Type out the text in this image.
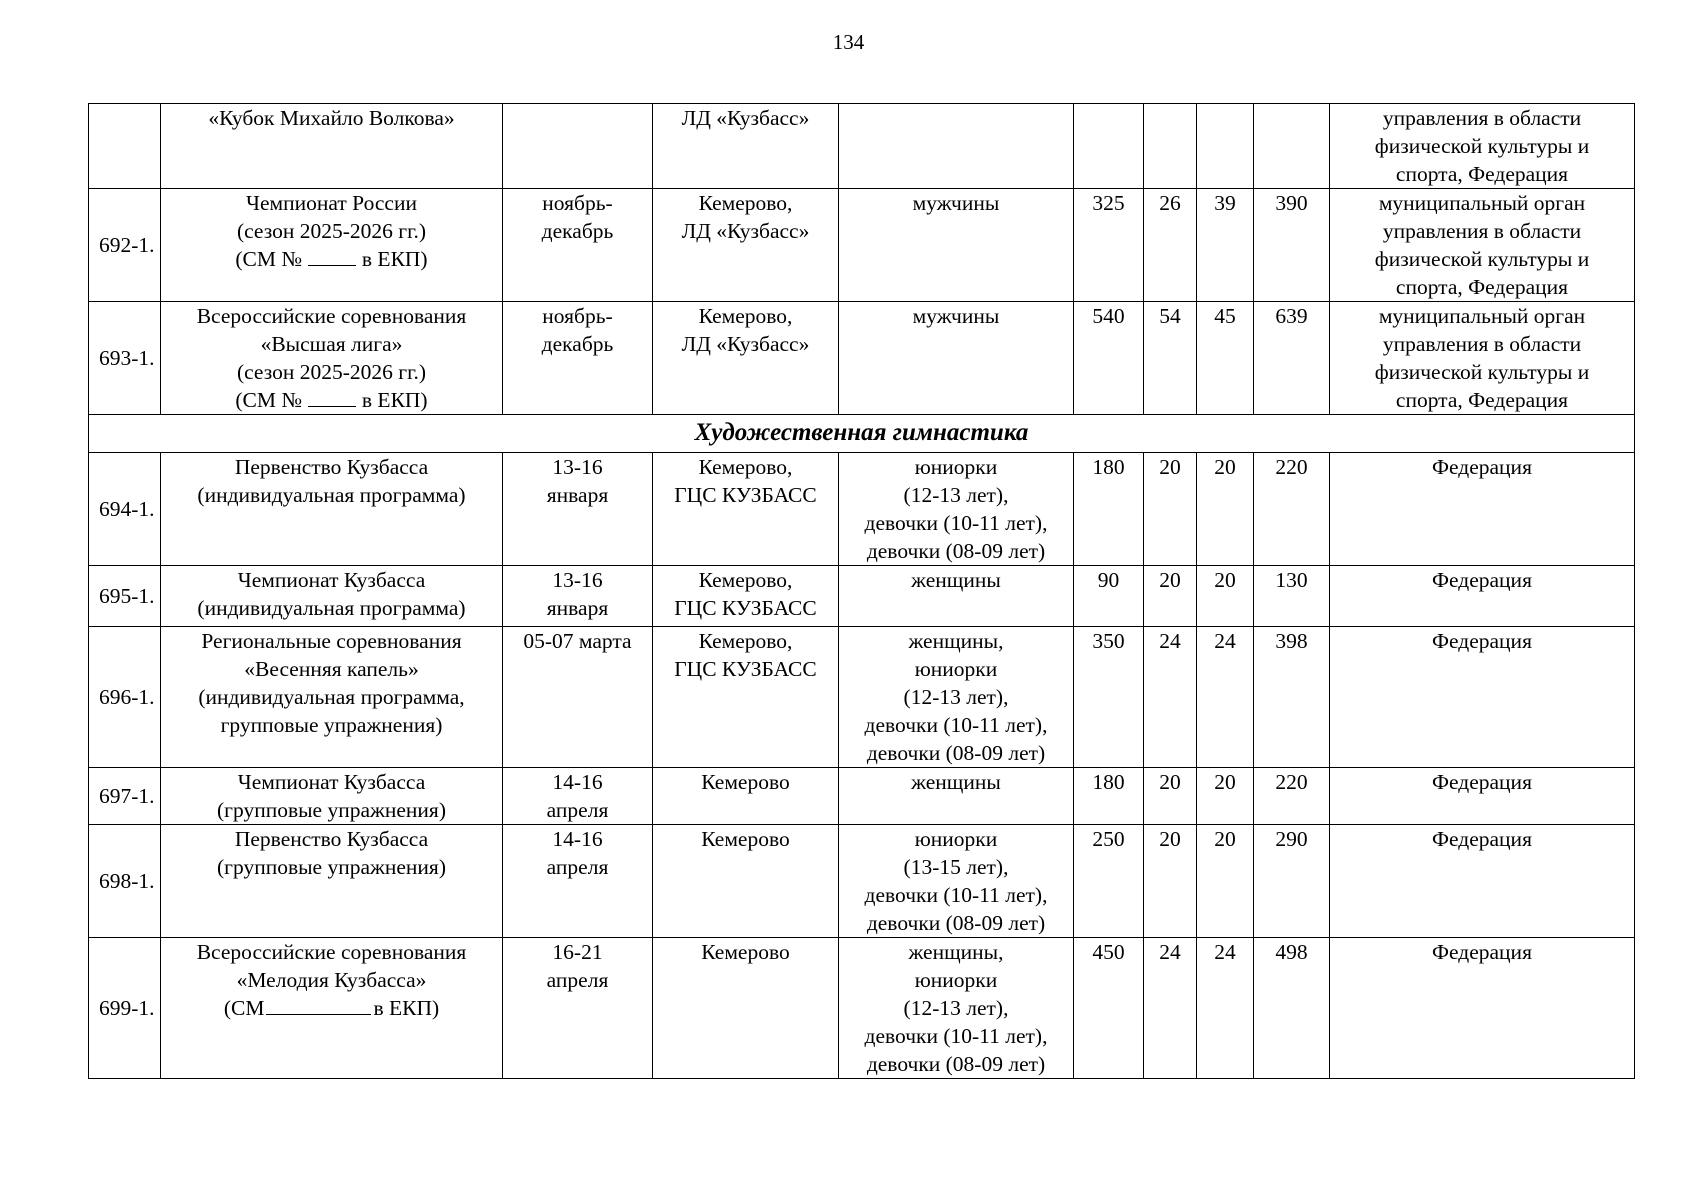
134

	«Кубок Михайло Волкова»		ЛД «Кузбасс»						управления в области
физической культуры и
спорта, Федерация

692-1.	Чемпионат России
(сезон 2025-2026 гг.)
(СМ № в ЕКП)	ноябрь-
декабрь	Кемерово,
ЛД «Кузбасс»	мужчины	325	26	39	390	муниципальный орган
управления в области
физической культуры и
спорта, Федерация

693-1.	Всероссийские соревнования
«Высшая лига»
(сезон 2025-2026 гг.)
(СМ № в ЕКП)	ноябрь-
декабрь	Кемерово,
ЛД «Кузбасс»	мужчины	540	54	45	639	муниципальный орган
управления в области
физической культуры и
спорта, Федерация

Художественная гимнастика									
694-1.	Первенство Кузбасса
(индивидуальная программа)	13-16
января	Кемерово,
ГЦС КУЗБАСС	юниорки
(12-13 лет),
девочки (10-11 лет),
девочки (08-09 лет)	180	20	20	220	Федерация

695-1.	Чемпионат Кузбасса
(индивидуальная программа)	13-16
января	Кемерово,
ГЦС КУЗБАСС	женщины	90	20	20	130	Федерация

696-1.	Региональные соревнования
«Весенняя капель»
(индивидуальная программа,
групповые упражнения)	05-07 марта	Кемерово,
ГЦС КУЗБАСС	женщины,
юниорки
(12-13 лет),
девочки (10-11 лет),
девочки (08-09 лет)	350	24	24	398	Федерация

697-1.	Чемпионат Кузбасса
(групповые упражнения)	14-16
апреля	Кемерово	женщины	180	20	20	220	Федерация

698-1.	Первенство Кузбасса
(групповые упражнения)	14-16
апреля	Кемерово	юниорки
(13-15 лет),
девочки (10-11 лет),
девочки (08-09 лет)	250	20	20	290	Федерация

699-1.	Всероссийские соревнования
«Мелодия Кузбасса»
(СМ в ЕКП)	16-21
апреля	Кемерово	женщины,
юниорки
(12-13 лет),
девочки (10-11 лет),
девочки (08-09 лет)	450	24	24	498	Федерация
